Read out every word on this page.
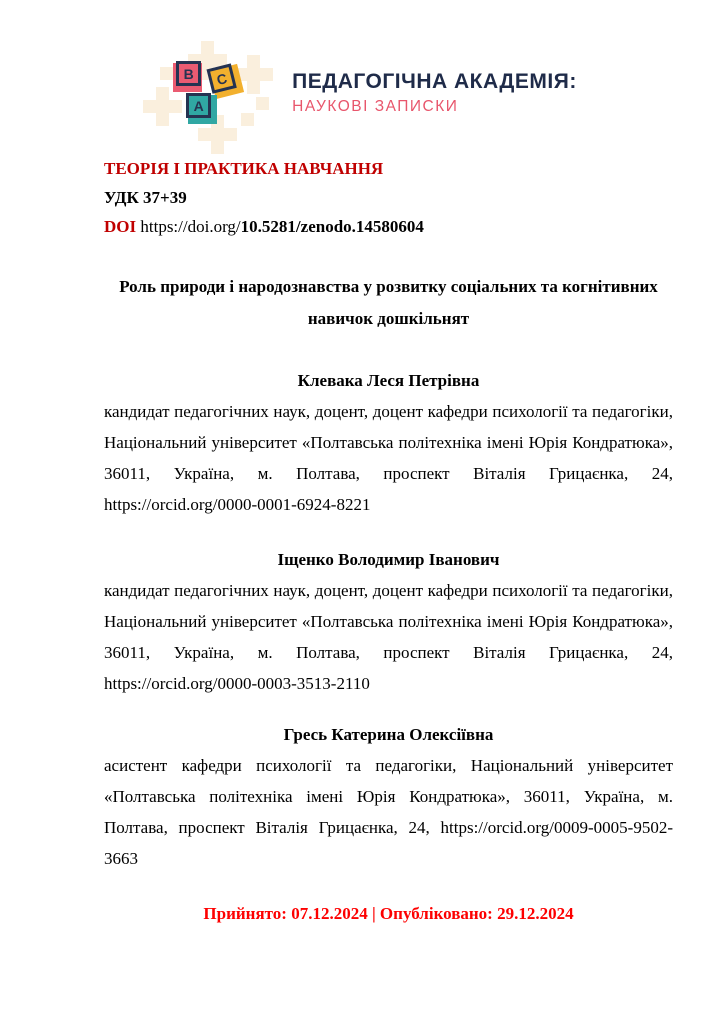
B	C
A
ПЕДАГОГІЧНА АКАДЕМІЯ:
НАУКОВІ ЗАПИСКИ

ТЕОРІЯ І ПРАКТИКА НАВЧАННЯ

УДК 37+39

DOI https://doi.org/10.5281/zenodo.14580604

Роль природи і народознавства у розвитку соціальних та когнітивних
навичок дошкільнят
Клевака Леся Петрівна

кандидат педагогічних наук, доцент, доцент кафедри психології та педагогіки, Національний університет «Полтавська політехніка імені Юрія Кондратюка», 36011, Україна, м. Полтава, проспект Віталія Грицаєнка, 24, https://orcid.org/0000-0001-6924-8221

Іщенко Володимир Іванович

кандидат педагогічних наук, доцент, доцент кафедри психології та педагогіки, Національний університет «Полтавська політехніка імені Юрія Кондратюка», 36011, Україна, м. Полтава, проспект Віталія Грицаєнка, 24, https://orcid.org/0000-0003-3513-2110

Гресь Катерина Олексіївна

асистент кафедри психології та педагогіки, Національний університет «Полтавська політехніка імені Юрія Кондратюка», 36011, Україна, м. Полтава, проспект Віталія Грицаєнка, 24, https://orcid.org/0009-0005-9502-3663

Прийнято: 07.12.2024 | Опубліковано: 29.12.2024
